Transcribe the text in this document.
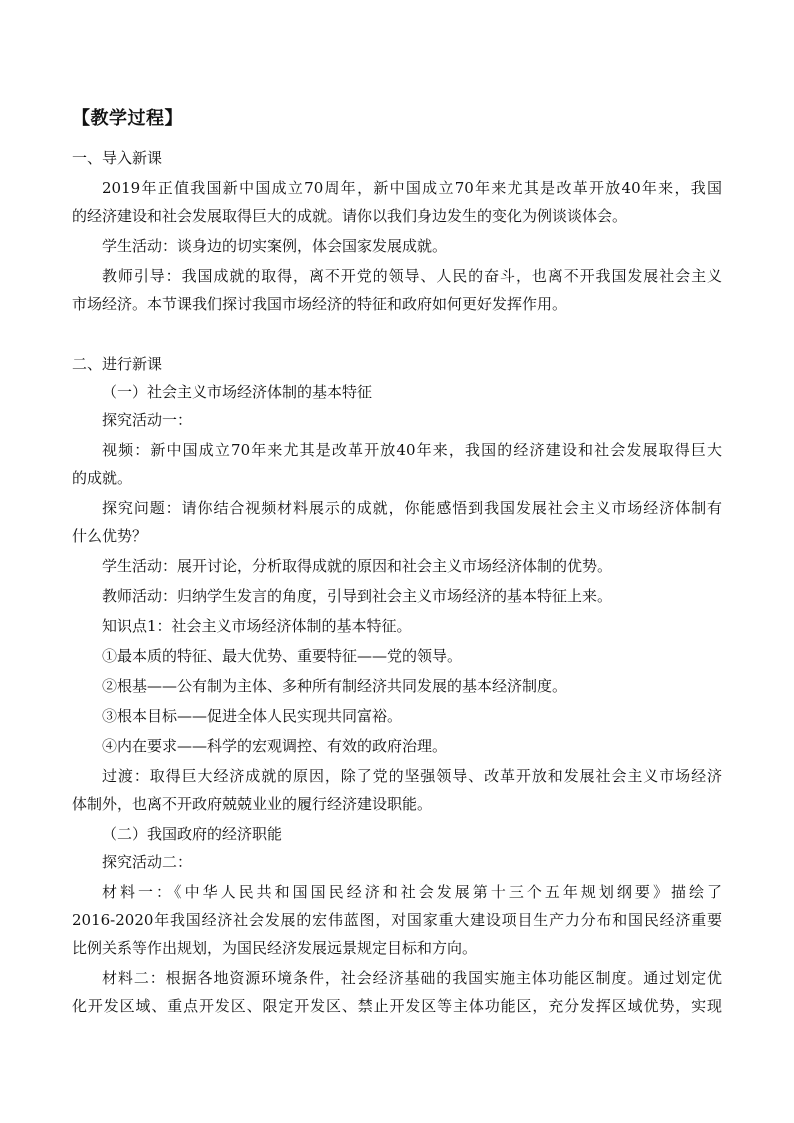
【教学过程】
一、导入新课
2019年正值我国新中国成立70周年，新中国成立70年来尤其是改革开放40年来，我国
的经济建设和社会发展取得巨大的成就。请你以我们身边发生的变化为例谈谈体会。
学生活动：谈身边的切实案例，体会国家发展成就。
教师引导：我国成就的取得，离不开党的领导、人民的奋斗，也离不开我国发展社会主义
市场经济。本节课我们探讨我国市场经济的特征和政府如何更好发挥作用。
二、进行新课
（一）社会主义市场经济体制的基本特征
探究活动一：
视频：新中国成立70年来尤其是改革开放40年来，我国的经济建设和社会发展取得巨大
的成就。
探究问题：请你结合视频材料展示的成就，你能感悟到我国发展社会主义市场经济体制有
什么优势？
学生活动：展开讨论，分析取得成就的原因和社会主义市场经济体制的优势。
教师活动：归纳学生发言的角度，引导到社会主义市场经济的基本特征上来。
知识点1：社会主义市场经济体制的基本特征。
①最本质的特征、最大优势、重要特征——党的领导。
②根基——公有制为主体、多种所有制经济共同发展的基本经济制度。
③根本目标——促进全体人民实现共同富裕。
④内在要求——科学的宏观调控、有效的政府治理。
过渡：取得巨大经济成就的原因，除了党的坚强领导、改革开放和发展社会主义市场经济
体制外，也离不开政府兢兢业业的履行经济建设职能。
（二）我国政府的经济职能
探究活动二：
材料一：《中华人民共和国国民经济和社会发展第十三个五年规划纲要》描绘了
2016-2020年我国经济社会发展的宏伟蓝图，对国家重大建设项目生产力分布和国民经济重要
比例关系等作出规划，为国民经济发展远景规定目标和方向。
材料二：根据各地资源环境条件，社会经济基础的我国实施主体功能区制度。通过划定优
化开发区域、重点开发区、限定开发区、禁止开发区等主体功能区，充分发挥区域优势，实现
